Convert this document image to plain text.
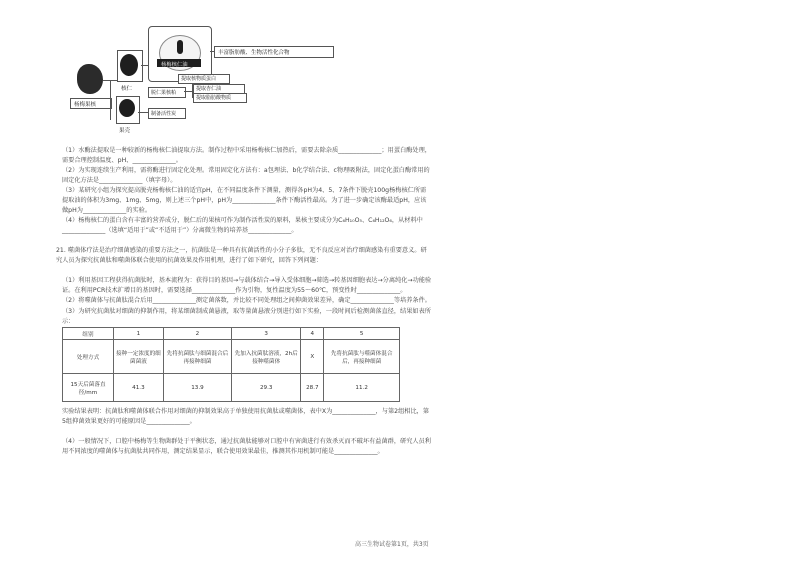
杨梅核仁油
丰富脂肪酸、生物活性化合物
核仁
杨梅果核
提取核物质蛋白
脱仁果核粕
提取杏仁油
提取脂肪酸物质
果壳
制备活性炭
（1）水酶法提取是一种较新的杨梅核仁油提取方法。制作过程中采用杨梅核仁加热后，需要去除杂质______________；用蛋白酶处理，需要合理控制温度、pH、______________。
（2）为实现连续生产利用，需将酶进行固定化处理。常用固定化方法有：a包埋法、b化学结合法、c物理吸附法，固定化蛋白酶常用的固定化方法是______________（填字母）。
（3）某研究小组为探究提高脱壳杨梅核仁油的适宜pH，在不同温度条件下测量，测得各pH为4、5、7条件下脱壳100g杨梅核仁所需提取油的体积为3mg、1mg、5mg，则上述三个pH中，pH为______________条件下酶活性最高。为了进一步确定该酶最适pH，应该做pH为______________的实验。
（4）杨梅核仁的蛋白含有丰富的营养成分，脱仁后的果核可作为制作活性炭的原料，果核主要成分为C₆H₁₀O₅、C₆H₁₂O₆，从材料中______________（选填“适用于”或“不适用于”）分离微生物的培养基______________。
21. 噬菌体疗法是治疗细菌感染的重要方法之一，抗菌肽是一种具有抗菌活性的小分子多肽，无不良反应对治疗细菌感染有重要意义。研究人员为探究抗菌肽和噬菌体联合使用的抗菌效果及作用机理，进行了如下研究，回答下列问题：
（1）利用基因工程获得抗菌肽时，基本流程为：获得目的基因→与载体结合→导入受体细胞→筛选→转基因细胞表达→分离纯化→功能验证。在利用PCR技术扩增目的基因时，需要选择______________作为引物，复性温度为55～60℃，预变性时______________。
（2）将噬菌体与抗菌肽混合后用______________测定菌落数，并比较不同处理组之间抑菌效果差异，确定______________等培养条件。
（3）为研究抗菌肽对细菌的抑制作用，将某细菌制成菌悬液，取等量菌悬液分别进行如下实验，一段时间后检测菌落直径，结果如表所示：
组别	1	2	3	4	5
处理方式	接种一定浓度的细菌菌液	先将抗菌肽与细菌混合后再接种细菌	先加入抗菌肽溶液，2h后接种噬菌体	X	先将抗菌肽与噬菌体混合后，再接种细菌
15天后菌落直径/mm	41.3	13.9	29.3	28.7	11.2
实验结果表明：抗菌肽和噬菌体联合作用对细菌的抑制效果高于单独使用抗菌肽或噬菌体，表中X为______________，与第2组相比，第5组抑菌效果更好的可能原因是______________。
（4）一般情况下，口腔中杨梅等生物菌群处于平衡状态，通过抗菌肽能够对口腔中有害菌进行有效杀灭而不破坏有益菌群，研究人员利用不同浓度的噬菌体与抗菌肽共同作用，测定结果显示，联合使用效果最佳，推测其作用机制可能是______________。
高三生物试卷第1页，共3页
